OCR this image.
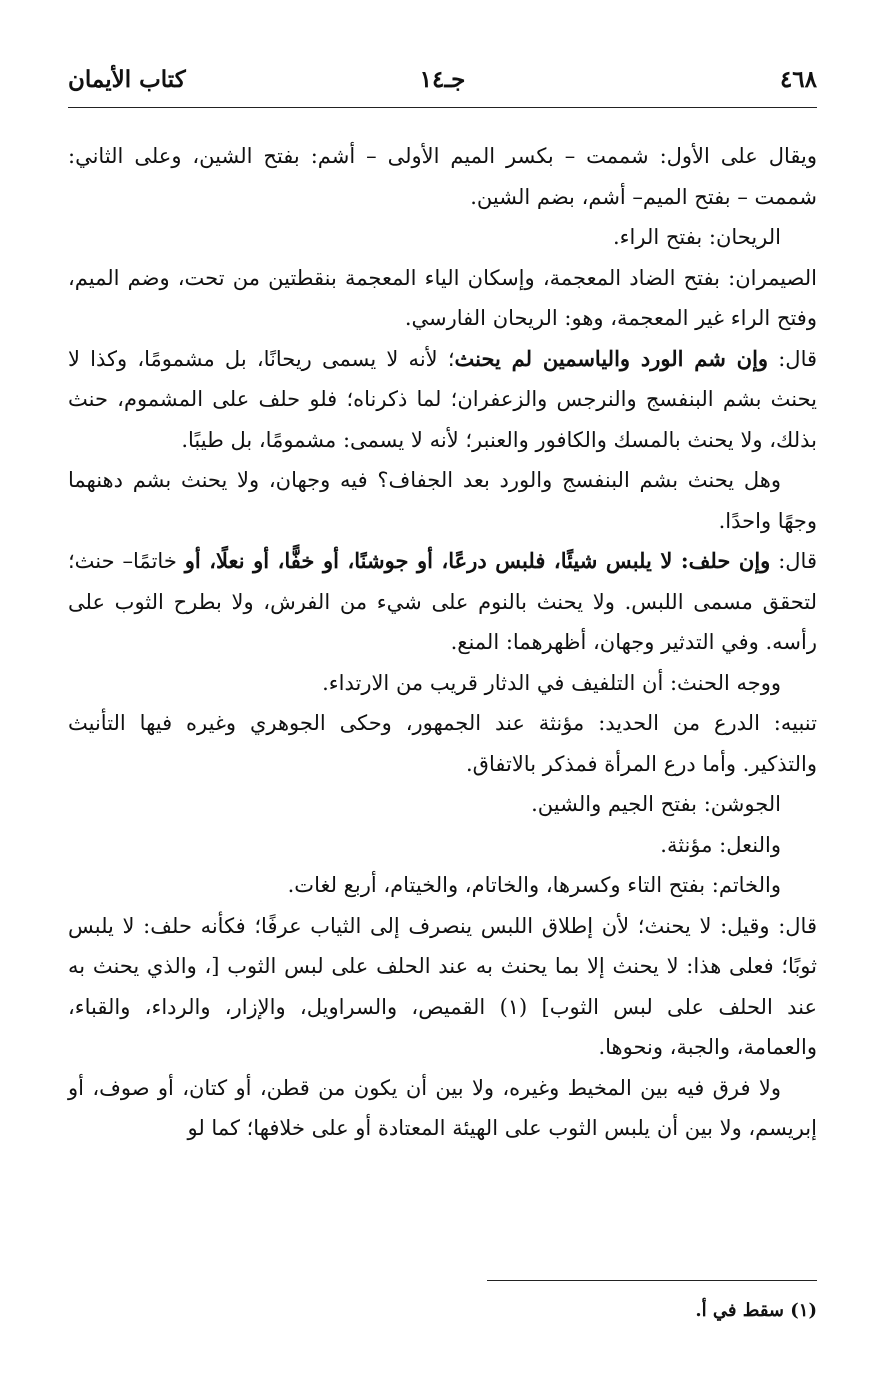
٤٦٨
جـ١٤
كتاب الأيمان

ويقال على الأول: شممت – بكسر الميم الأولى – أشم: بفتح الشين، وعلى الثاني: شممت – بفتح الميم– أشم، بضم الشين.

الريحان: بفتح الراء.

الصيمران: بفتح الضاد المعجمة، وإسكان الياء المعجمة بنقطتين من تحت، وضم الميم، وفتح الراء غير المعجمة، وهو: الريحان الفارسي.

قال: وإن شم الورد والياسمين لم يحنث؛ لأنه لا يسمى ريحانًا، بل مشمومًا، وكذا لا يحنث بشم البنفسج والنرجس والزعفران؛ لما ذكرناه؛ فلو حلف على المشموم، حنث بذلك، ولا يحنث بالمسك والكافور والعنبر؛ لأنه لا يسمى: مشمومًا، بل طيبًا.

وهل يحنث بشم البنفسج والورد بعد الجفاف؟ فيه وجهان، ولا يحنث بشم دهنهما وجهًا واحدًا.

قال: وإن حلف: لا يلبس شيئًا، فلبس درعًا، أو جوشنًا، أو خفًّا، أو نعلًا، أو خاتمًا– حنث؛ لتحقق مسمى اللبس. ولا يحنث بالنوم على شيء من الفرش، ولا بطرح الثوب على رأسه. وفي التدثير وجهان، أظهرهما: المنع.

ووجه الحنث: أن التلفيف في الدثار قريب من الارتداء.

تنبيه: الدرع من الحديد: مؤنثة عند الجمهور، وحكى الجوهري وغيره فيها التأنيث والتذكير. وأما درع المرأة فمذكر بالاتفاق.

الجوشن: بفتح الجيم والشين.

والنعل: مؤنثة.

والخاتم: بفتح التاء وكسرها، والخاتام، والخيتام، أربع لغات.

قال: وقيل: لا يحنث؛ لأن إطلاق اللبس ينصرف إلى الثياب عرفًا؛ فكأنه حلف: لا يلبس ثوبًا؛ فعلى هذا: لا يحنث إلا بما يحنث به عند الحلف على لبس الثوب [، والذي يحنث به عند الحلف على لبس الثوب] (١) القميص، والسراويل، والإزار، والرداء، والقباء، والعمامة، والجبة، ونحوها.

ولا فرق فيه بين المخيط وغيره، ولا بين أن يكون من قطن، أو كتان، أو صوف، أو إبريسم، ولا بين أن يلبس الثوب على الهيئة المعتادة أو على خلافها؛ كما لو

(١) سقط في أ.
